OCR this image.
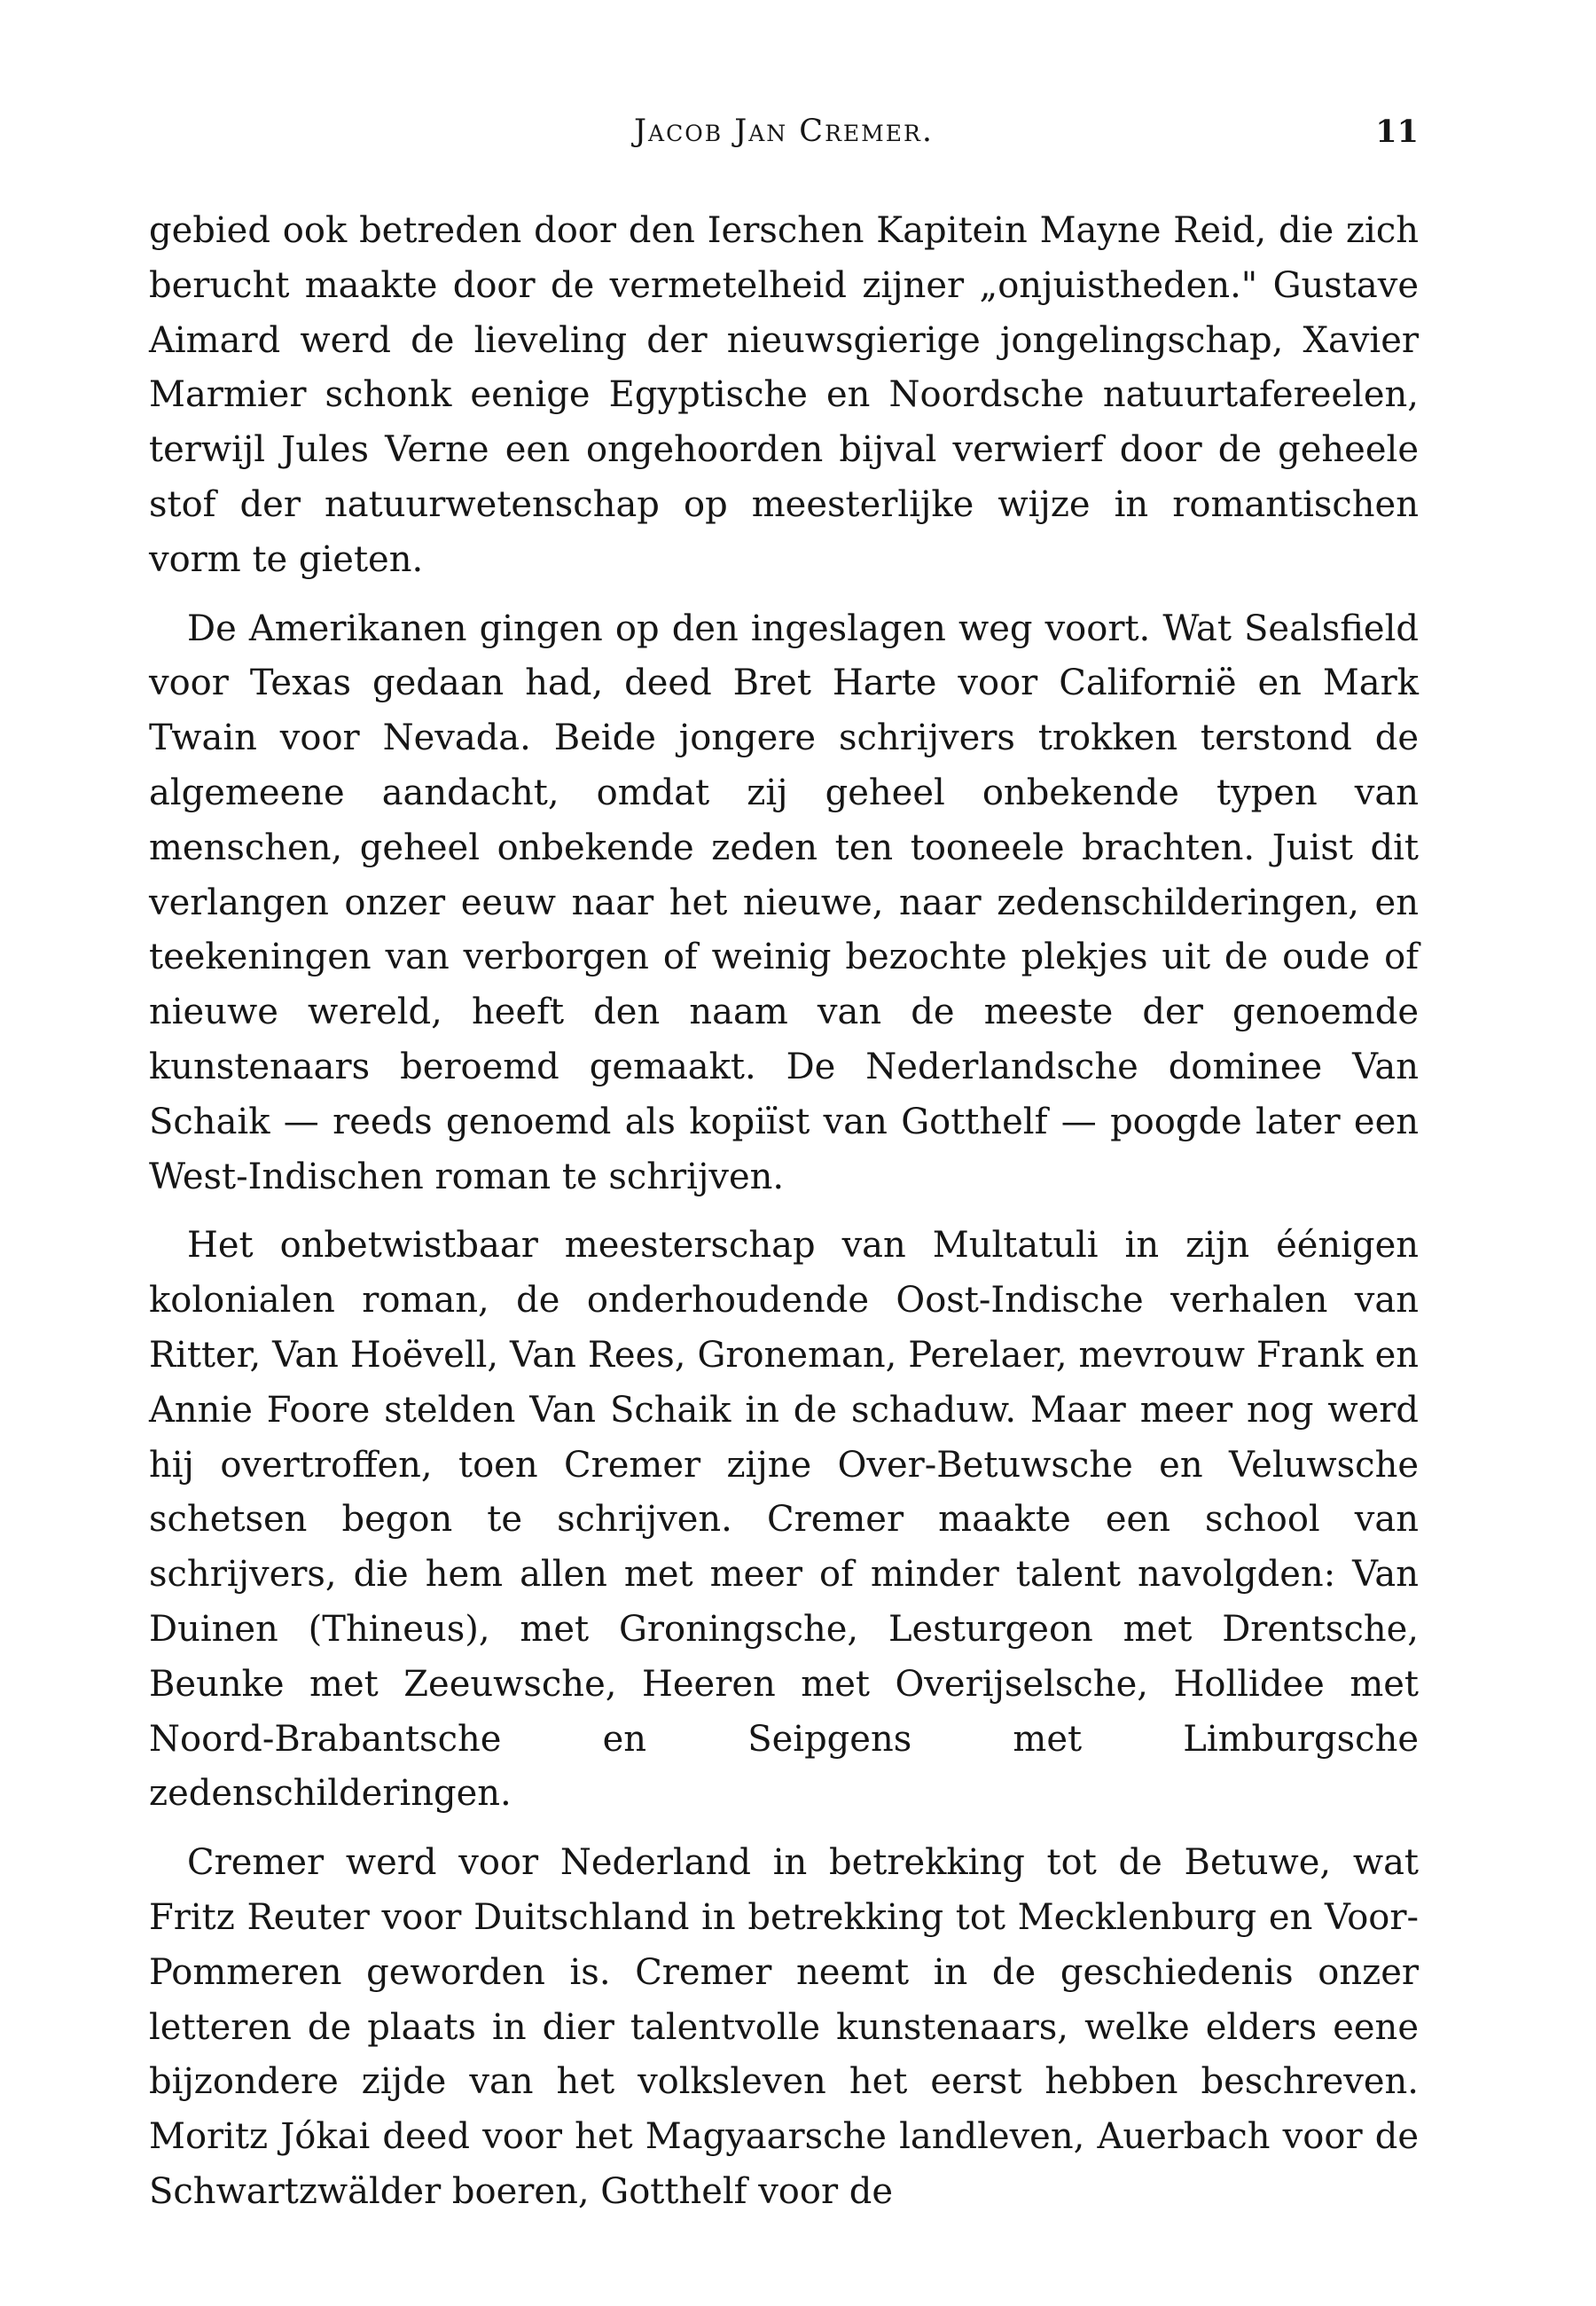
Jacob Jan Cremer.	11

gebied ook betreden door den Ierschen Kapitein Mayne Reid, die zich berucht maakte door de vermetelheid zijner „onjuistheden." Gustave Aimard werd de lieveling der nieuwsgierige jongelingschap, Xavier Marmier schonk eenige Egyptische en Noordsche natuurtafereelen, terwijl Jules Verne een ongehoorden bijval verwierf door de geheele stof der natuurwetenschap op meesterlijke wijze in romantischen vorm te gieten.

De Amerikanen gingen op den ingeslagen weg voort. Wat Sealsfield voor Texas gedaan had, deed Bret Harte voor Californië en Mark Twain voor Nevada. Beide jongere schrijvers trokken terstond de algemeene aandacht, omdat zij geheel onbekende typen van menschen, geheel onbekende zeden ten tooneele brachten. Juist dit verlangen onzer eeuw naar het nieuwe, naar zedenschilderingen, en teekeningen van verborgen of weinig bezochte plekjes uit de oude of nieuwe wereld, heeft den naam van de meeste der genoemde kunstenaars beroemd gemaakt. De Nederlandsche dominee Van Schaik — reeds genoemd als kopiïst van Gotthelf — poogde later een West-Indischen roman te schrijven.

Het onbetwistbaar meesterschap van Multatuli in zijn éénigen kolonialen roman, de onderhoudende Oost-Indische verhalen van Ritter, Van Hoëvell, Van Rees, Groneman, Perelaer, mevrouw Frank en Annie Foore stelden Van Schaik in de schaduw. Maar meer nog werd hij overtroffen, toen Cremer zijne Over-Betuwsche en Veluwsche schetsen begon te schrijven. Cremer maakte een school van schrijvers, die hem allen met meer of minder talent navolgden: Van Duinen (Thineus), met Groningsche, Lesturgeon met Drentsche, Beunke met Zeeuwsche, Heeren met Overijselsche, Hollidee met Noord-Brabantsche en Seipgens met Limburgsche zedenschilderingen.

Cremer werd voor Nederland in betrekking tot de Betuwe, wat Fritz Reuter voor Duitschland in betrekking tot Mecklenburg en Voor-Pommeren geworden is. Cremer neemt in de geschiedenis onzer letteren de plaats in dier talentvolle kunstenaars, welke elders eene bijzondere zijde van het volksleven het eerst hebben beschreven. Moritz Jókai deed voor het Magyaarsche landleven, Auerbach voor de Schwartzwälder boeren, Gotthelf voor de
